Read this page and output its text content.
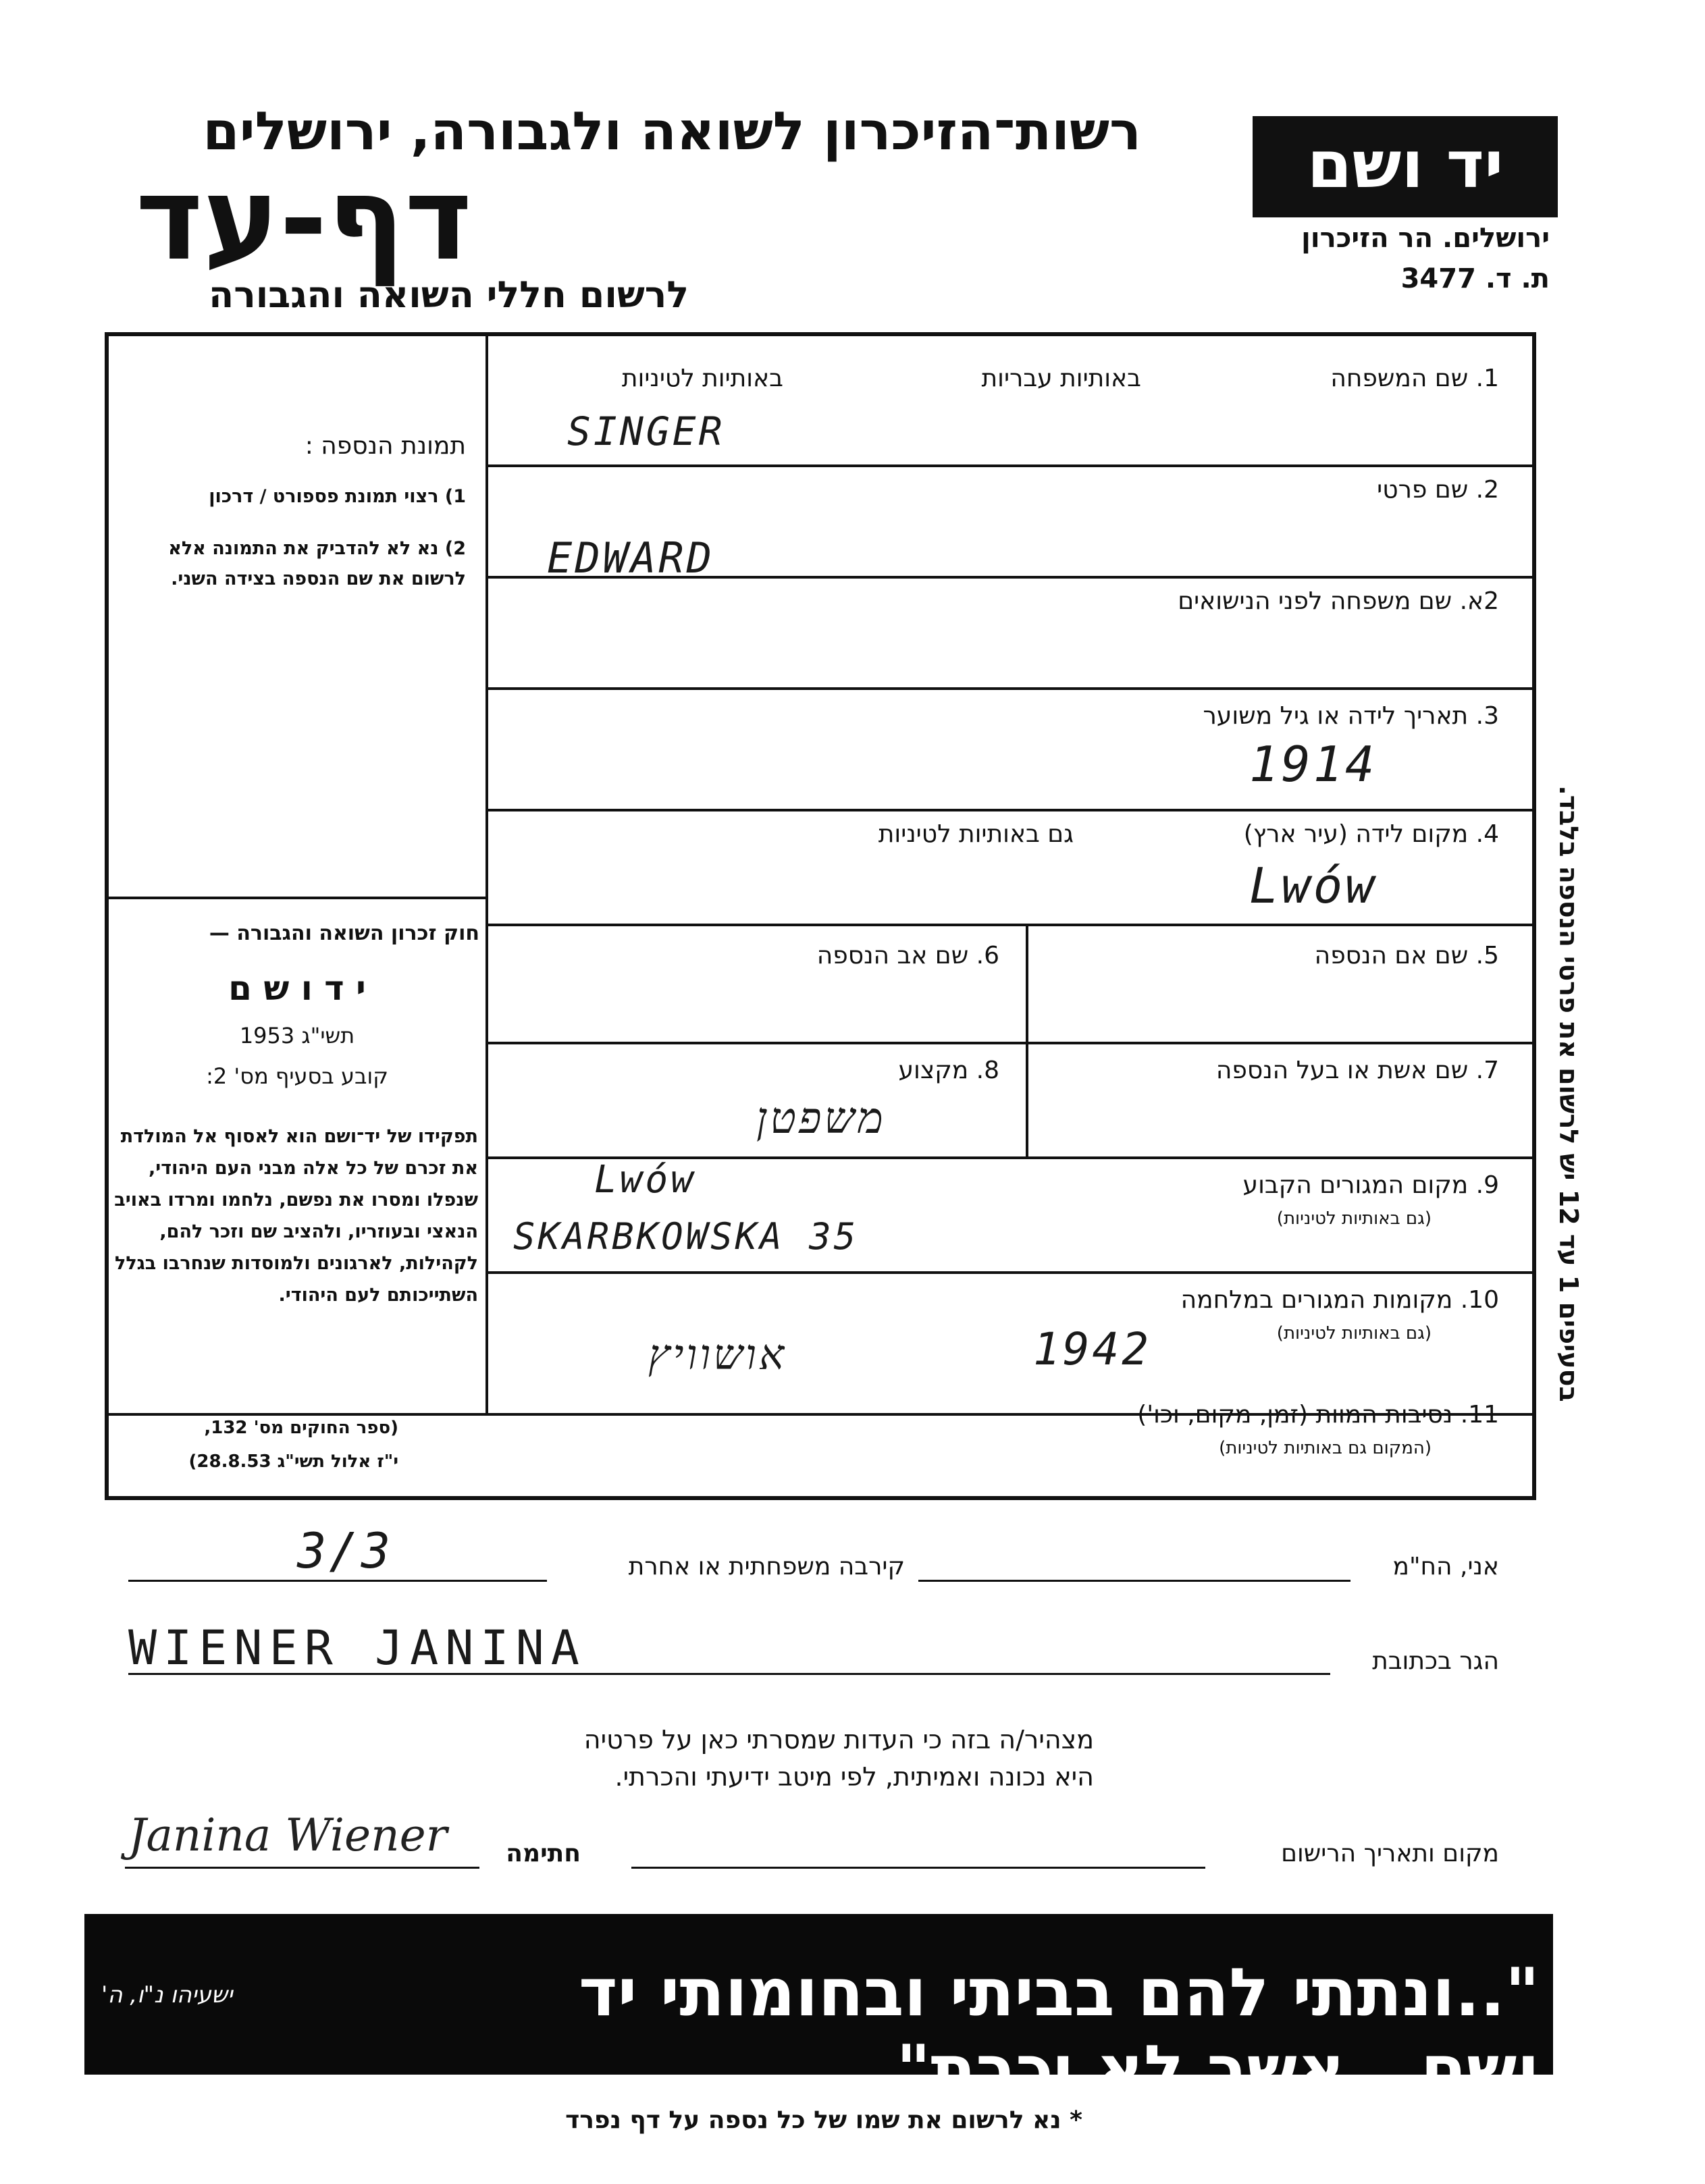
רשות־הזיכרון לשואה ולגבורה, ירושלים
דף-עד
לרשום חללי השואה והגבורה
יד ושם
ירושלים. הר הזיכרון
ת. ד. 3477
באותיות עבריות
באותיות לטיניות	1. שם המשפחה
SINGER
2. שם פרטי
EDWARD
2א. שם משפחה לפני הנישואים
3. תאריך לידה או גיל משוער
1914
4. מקום לידה (עיר ארץ)
גם באותיות לטיניות
Lwów
5. שם אם הנספה
6. שם אב הנספה
7. שם אשת או בעל הנספה
8. מקצוע
משפטן
9. מקום המגורים הקבוע
(גם באותיות לטיניות)
Lwów
SKARBKOWSKA 35
10. מקומות המגורים במלחמה
(גם באותיות לטיניות)
אושוויץ	1942
11. נסיבות המוות (זמן, מקום, וכו')
(המקום גם באותיות לטיניות)
תמונת הנספה :
1) רצוי תמונת פספורט / דרכון
2) נא לא להדביק את התמונה אלא לרשום את שם הנספה בצידה השני.
חוק זכרון השואה והגבורה —
י ד ו ש ם
תשי"ג 1953
קובע בסעיף מס' 2:
תפקידו של יד־ושם הוא לאסוף אל המולדת את זכרם של כל אלה מבני העם היהודי, שנפלו ומסרו את נפשם, נלחמו ומרדו באויב הנאצי ובעוזריו, ולהציב שם וזכר להם, לקהילות, לארגונים ולמוסדות שנחרבו בגלל השתייכותם לעם היהודי.
(ספר החוקים מס' 132,
י"ז אלול תשי"ג 28.8.53)
בסעיפים 1 עד 12 יש לרשום את פרטי הנספה בלבד.
אני, הח"מ
קירבה משפחתית או אחרת
3/3
הגר בכתובת
WIENER JANINA
מצהיר/ה בזה כי העדות שמסרתי כאן על פרטיה
היא נכונה ואמיתית, לפי מיטב ידיעתי והכרתי.
מקום ותאריך הרישום
חתימה
Janina Wiener
"..ונתתי להם בביתי ובחומותי יד ושם...אשר לא יכרת"
ישעיהו נ"ו, ה'
* נא לרשום את שמו של כל נספה על דף נפרד
